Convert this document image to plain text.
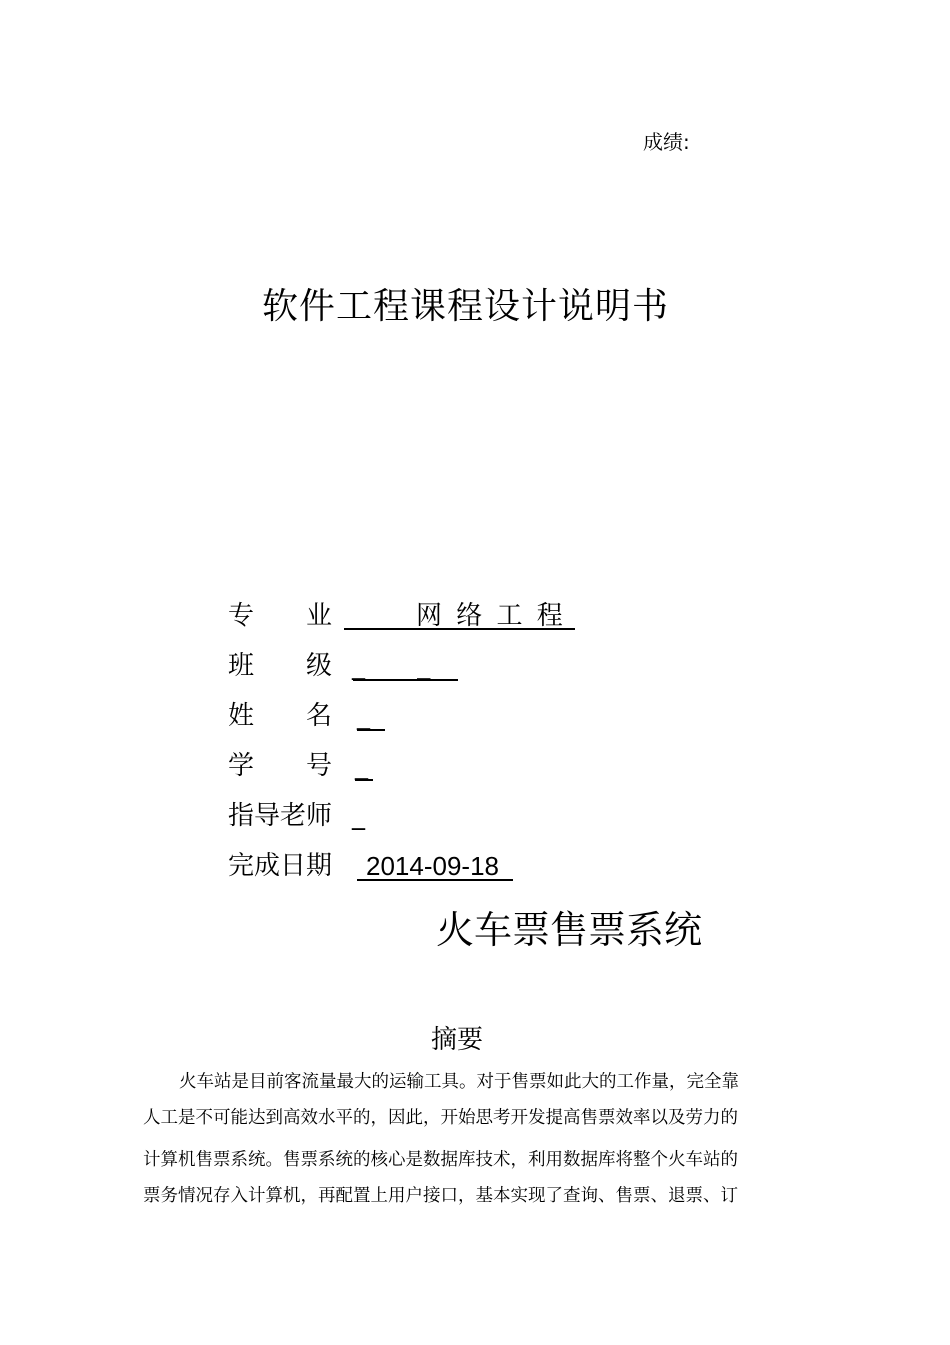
成绩:
软件工程课程设计说明书
专　　业	网 络 工 程
班　　级 _ _
姓　　名 _
学　　号 _
指导老师 _
完成日期 2014-09-18
火车票售票系统
摘要
火车站是目前客流量最大的运输工具。对于售票如此大的工作量，完全靠
人工是不可能达到高效水平的，因此，开始思考开发提高售票效率以及劳力的
计算机售票系统。售票系统的核心是数据库技术，利用数据库将整个火车站的
票务情况存入计算机，再配置上用户接口，基本实现了查询、售票、退票、订
